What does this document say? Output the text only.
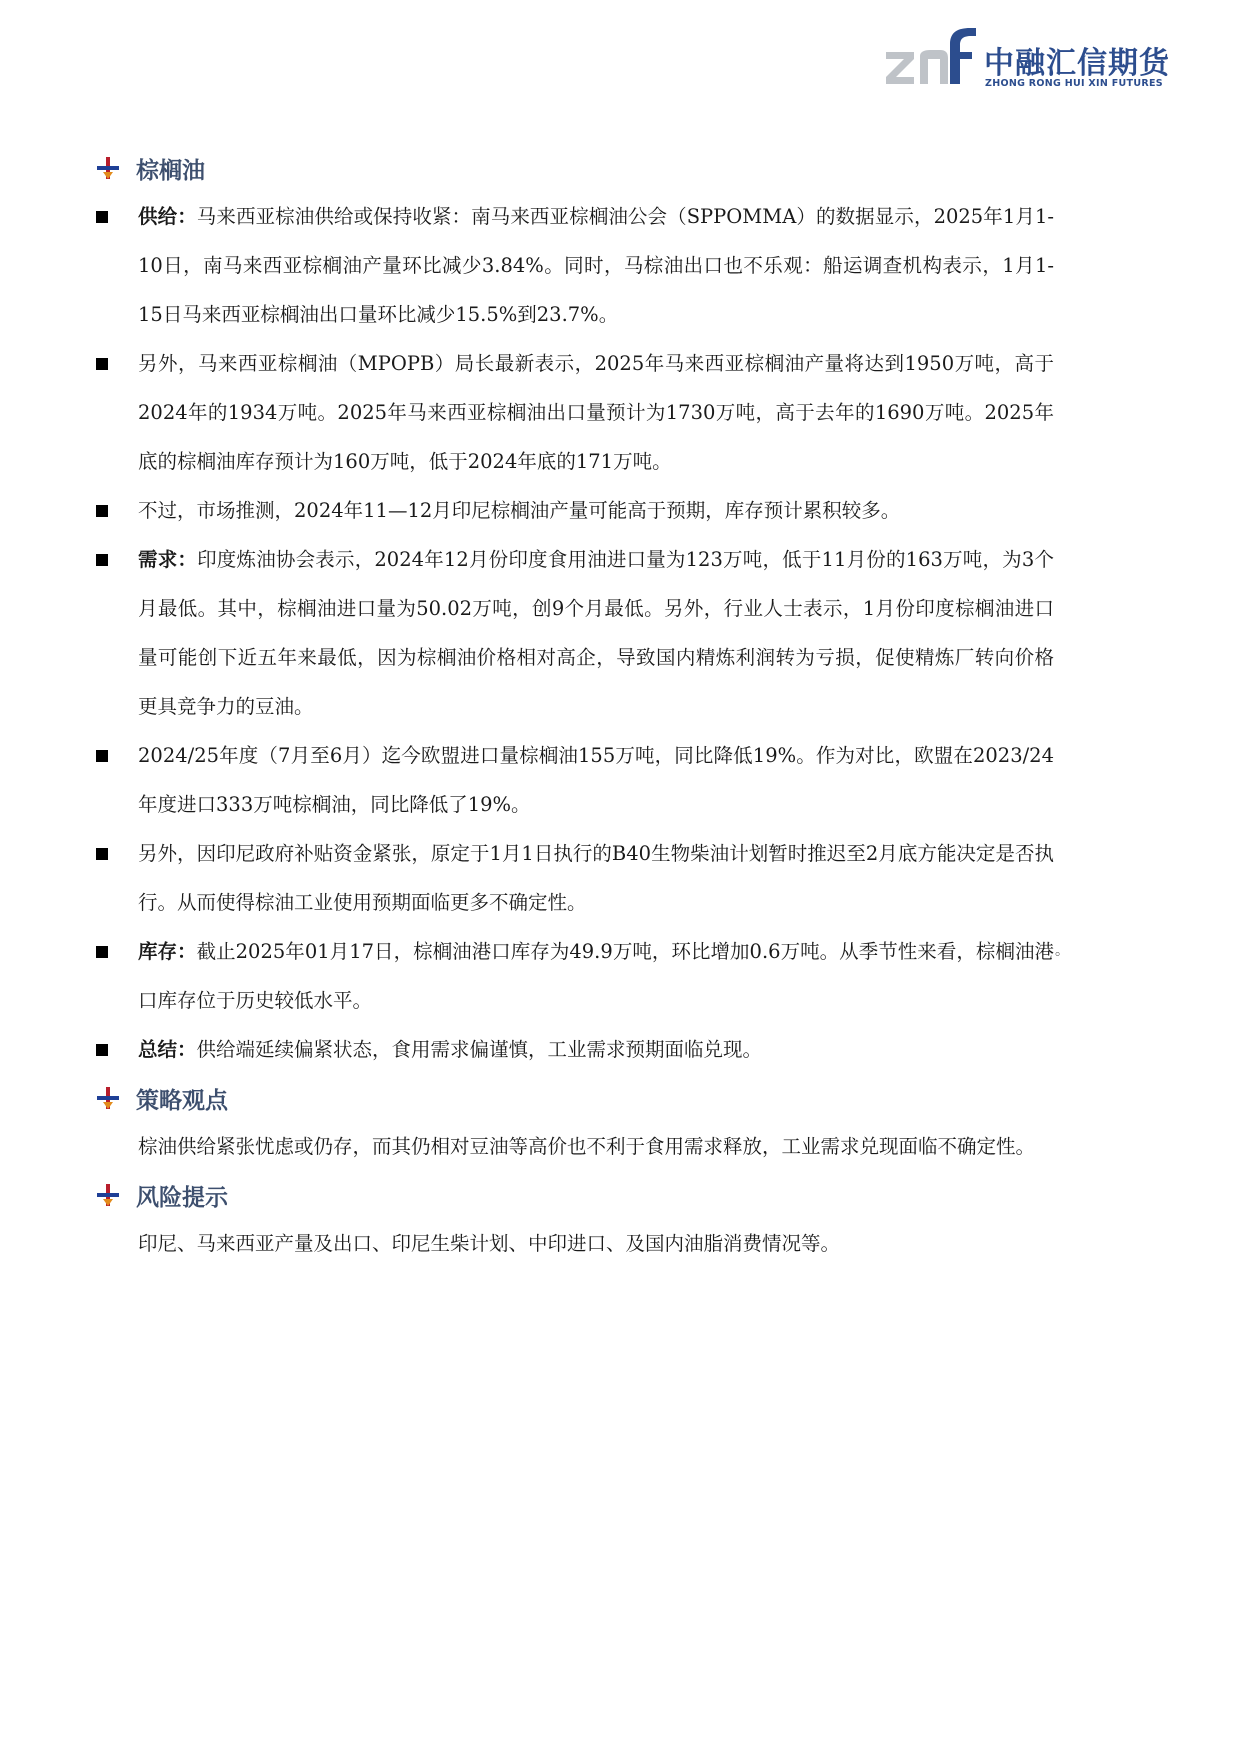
中融汇信期货
ZHONG RONG HUI XIN FUTURES
棕榈油
供给：马来西亚棕油供给或保持收紧：南马来西亚棕榈油公会（SPPOMMA）的数据显示，2025年1月1-10日，南马来西亚棕榈油产量环比减少3.84%。同时，马棕油出口也不乐观：船运调查机构表示，1月1-15日马来西亚棕榈油出口量环比减少15.5%到23.7%。
另外，马来西亚棕榈油（MPOPB）局长最新表示，2025年马来西亚棕榈油产量将达到1950万吨，高于2024年的1934万吨。2025年马来西亚棕榈油出口量预计为1730万吨，高于去年的1690万吨。2025年底的棕榈油库存预计为160万吨，低于2024年底的171万吨。
不过，市场推测，2024年11—12月印尼棕榈油产量可能高于预期，库存预计累积较多。
需求：印度炼油协会表示，2024年12月份印度食用油进口量为123万吨，低于11月份的163万吨，为3个月最低。其中，棕榈油进口量为50.02万吨，创9个月最低。另外，行业人士表示，1月份印度棕榈油进口量可能创下近五年来最低，因为棕榈油价格相对高企，导致国内精炼利润转为亏损，促使精炼厂转向价格更具竞争力的豆油。
2024/25年度（7月至6月）迄今欧盟进口量棕榈油155万吨，同比降低19%。作为对比，欧盟在2023/24年度进口333万吨棕榈油，同比降低了19%。
另外，因印尼政府补贴资金紧张，原定于1月1日执行的B40生物柴油计划暂时推迟至2月底方能决定是否执行。从而使得棕油工业使用预期面临更多不确定性。
库存：截止2025年01月17日，棕榈油港口库存为49.9万吨，环比增加0.6万吨。从季节性来看，棕榈油港口库存位于历史较低水平。
总结：供给端延续偏紧状态，食用需求偏谨慎，工业需求预期面临兑现。
策略观点
棕油供给紧张忧虑或仍存，而其仍相对豆油等高价也不利于食用需求释放，工业需求兑现面临不确定性。
风险提示
印尼、马来西亚产量及出口、印尼生柴计划、中印进口、及国内油脂消费情况等。
。
